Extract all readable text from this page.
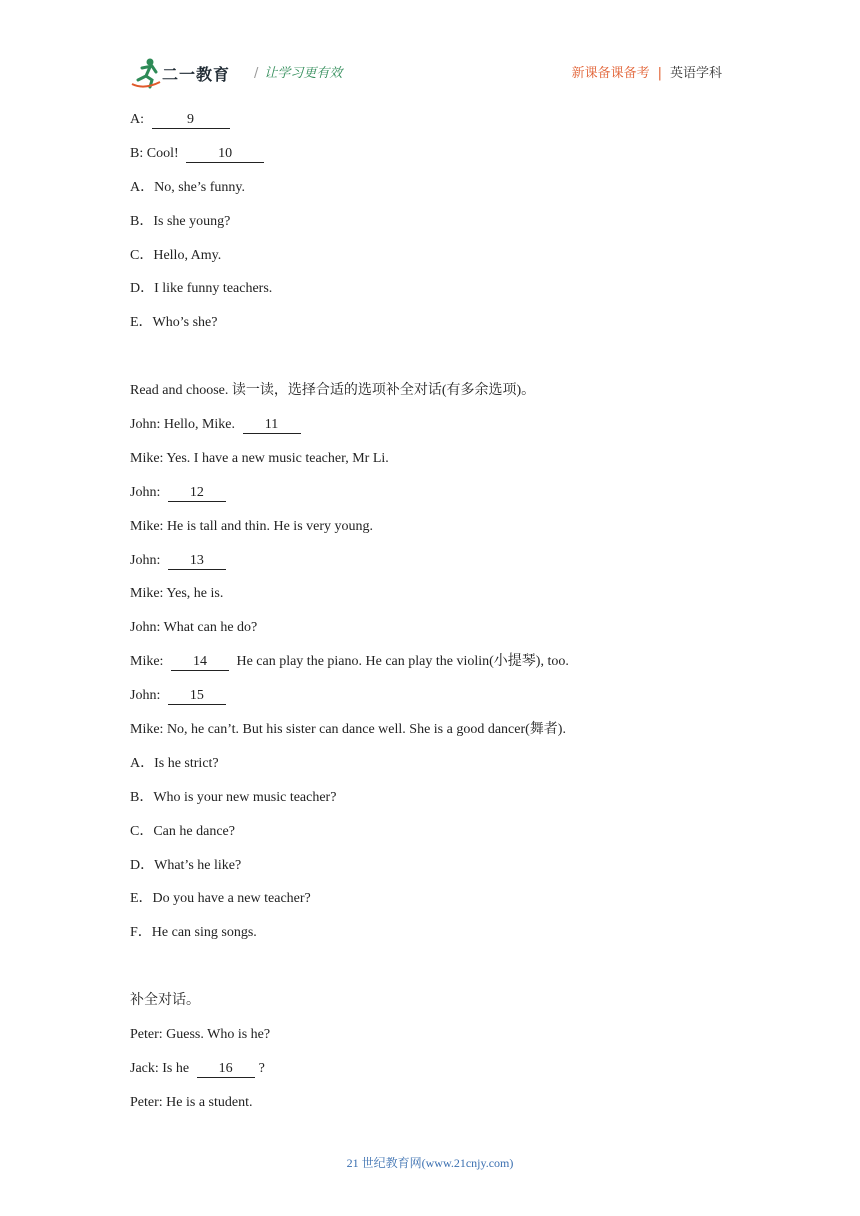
二一教育 / 让学习更有效	新课备课备考 | 英语学科
A:	9
B: Cool!	10
A．No, she’s funny.
B．Is she young?
C．Hello, Amy.
D．I like funny teachers.
E．Who’s she?
Read and choose. 读一读，选择合适的选项补全对话(有多余选项)。
John: Hello, Mike. 11
Mike: Yes. I have a new music teacher, Mr Li.
John: 12
Mike: He is tall and thin. He is very young.
John: 13
Mike: Yes, he is.
John: What can he do?
Mike: 14 He can play the piano. He can play the violin(小提琴), too.
John: 15
Mike: No, he can’t. But his sister can dance well. She is a good dancer(舞者).
A．Is he strict?
B．Who is your new music teacher?
C．Can he dance?
D．What’s he like?
E．Do you have a new teacher?
F．He can sing songs.
补全对话。
Peter: Guess. Who is he?
Jack: Is he 16 ?
Peter: He is a student.
21 世纪教育网(www.21cnjy.com)
